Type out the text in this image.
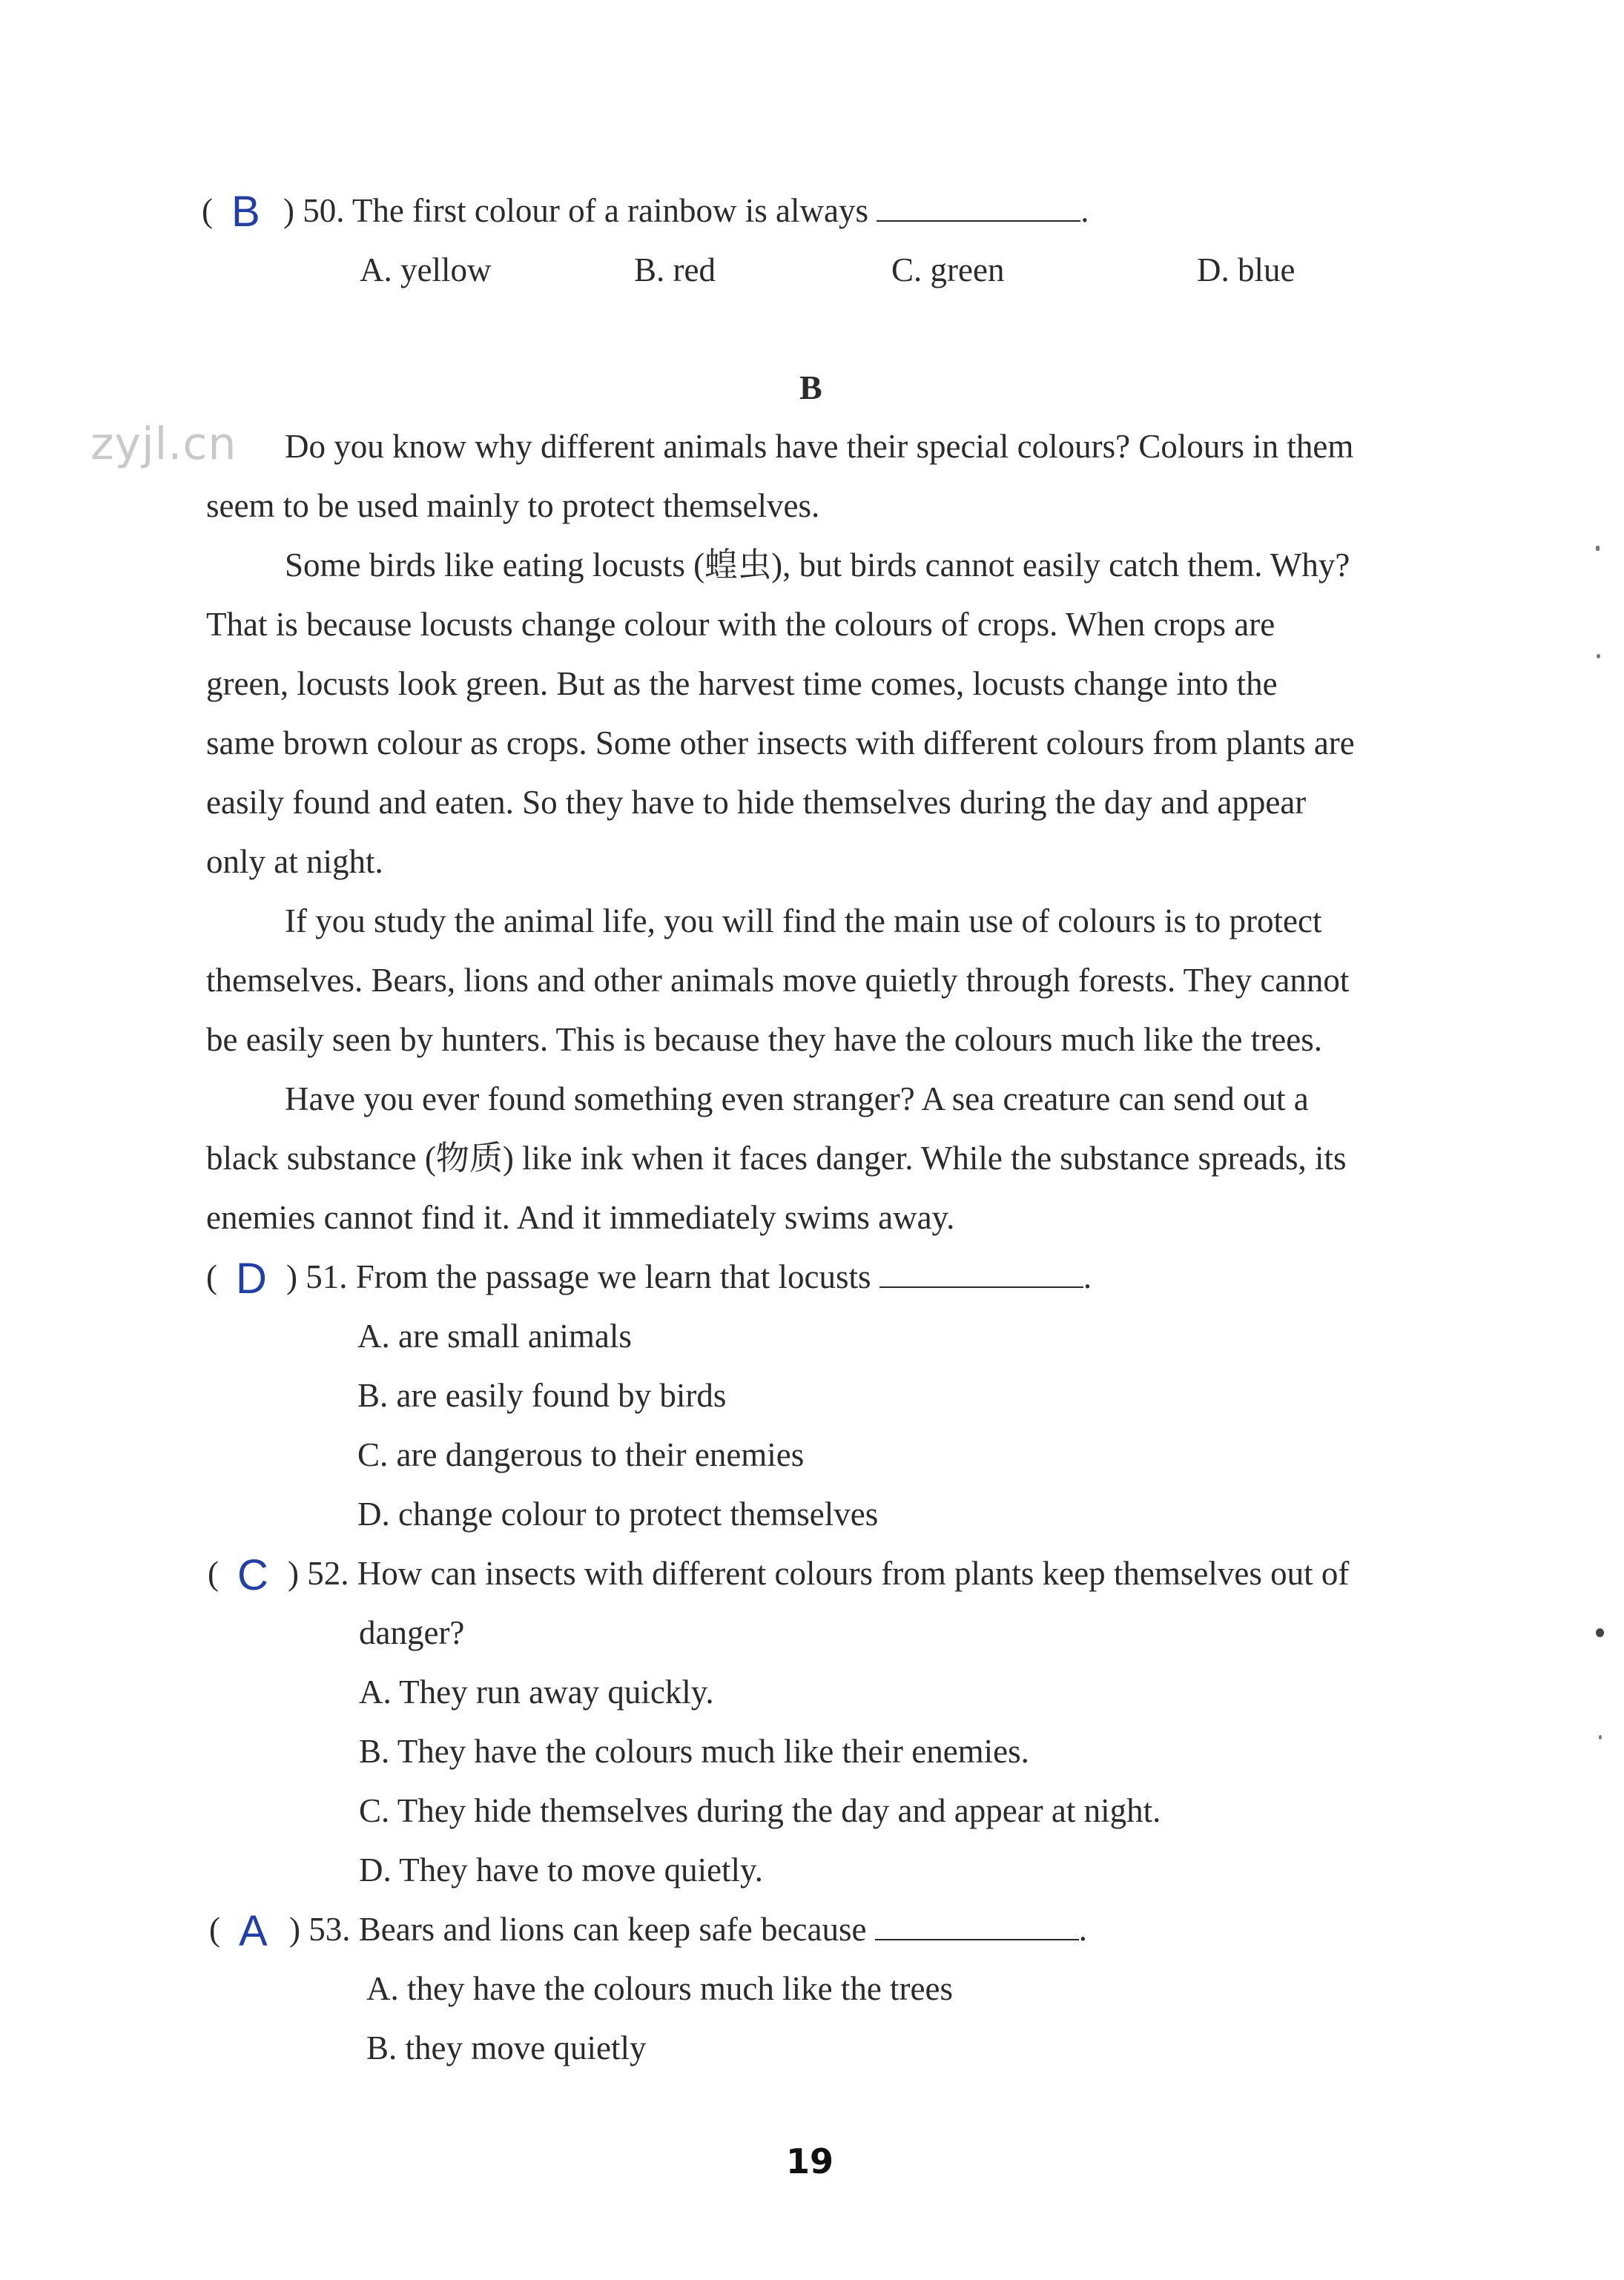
( B ) 50. The first colour of a rainbow is always	.
A. yellow	B. red	C. green	D. blue
B
zyjl.cn Do you know why different animals have their special colours? Colours in them
seem to be used mainly to protect themselves.
Some birds like eating locusts (蝗虫), but birds cannot easily catch them. Why?
That is because locusts change colour with the colours of crops. When crops are
green, locusts look green. But as the harvest time comes, locusts change into the
same brown colour as crops. Some other insects with different colours from plants are
easily found and eaten. So they have to hide themselves during the day and appear
only at night.
If you study the animal life, you will find the main use of colours is to protect
themselves. Bears, lions and other animals move quietly through forests. They cannot
be easily seen by hunters. This is because they have the colours much like the trees.
Have you ever found something even stranger? A sea creature can send out a
black substance (物质) like ink when it faces danger. While the substance spreads, its
enemies cannot find it. And it immediately swims away.
( D ) 51. From the passage we learn that locusts	.
A. are small animals
B. are easily found by birds
C. are dangerous to their enemies
D. change colour to protect themselves
( C ) 52. How can insects with different colours from plants keep themselves out of
danger?
A. They run away quickly.
B. They have the colours much like their enemies.
C. They hide themselves during the day and appear at night.
D. They have to move quietly.
( A ) 53. Bears and lions can keep safe because	.
A. they have the colours much like the trees
B. they move quietly
19
